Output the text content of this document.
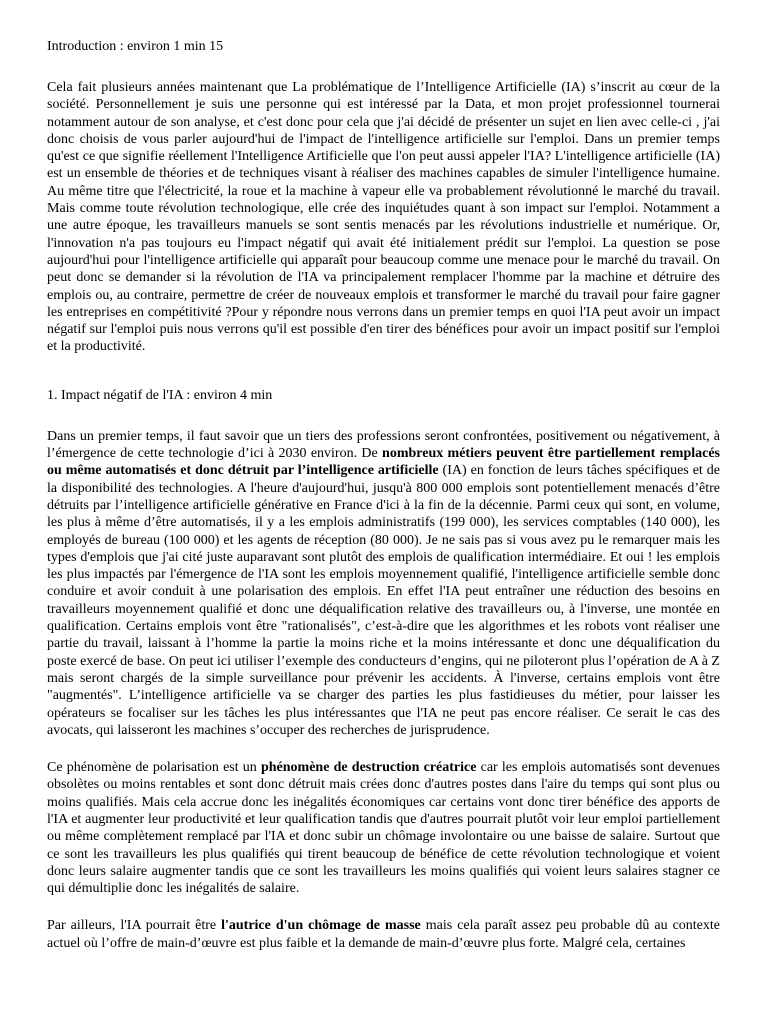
Introduction : environ 1 min 15

Cela fait plusieurs années maintenant que La problématique de l’Intelligence Artificielle (IA) s’inscrit au cœur de la société. Personnellement je suis une personne qui est intéressé par la Data, et mon projet professionnel tournerai notamment autour de son analyse, et c'est donc pour cela que j'ai décidé de présenter un sujet en lien avec celle-ci , j'ai donc choisis de vous parler aujourd'hui de l'impact de l'intelligence artificielle sur l'emploi. Dans un premier temps qu'est ce que signifie réellement l'Intelligence Artificielle que l'on peut aussi appeler l'IA? L'intelligence artificielle (IA) est un ensemble de théories et de techniques visant à réaliser des machines capables de simuler l'intelligence humaine. Au même titre que l'électricité, la roue et la machine à vapeur elle va probablement révolutionné le marché du travail. Mais comme toute révolution technologique, elle crée des inquiétudes quant à son impact sur l'emploi. Notamment a une autre époque, les travailleurs manuels se sont sentis menacés par les révolutions industrielle et numérique. Or, l'innovation n'a pas toujours eu l'impact négatif qui avait été initialement prédit sur l'emploi. La question se pose aujourd'hui pour l'intelligence artificielle qui apparaît pour beaucoup comme une menace pour le marché du travail. On peut donc se demander si la révolution de l'IA va principalement remplacer l'homme par la machine et détruire des emplois ou, au contraire, permettre de créer de nouveaux emplois et transformer le marché du travail pour faire gagner les entreprises en compétitivité ?Pour y répondre nous verrons dans un premier temps en quoi l'IA peut avoir un impact négatif sur l'emploi puis nous verrons qu'il est possible d'en tirer des bénéfices pour avoir un impact positif sur l'emploi et la productivité.

1. Impact négatif de l'IA : environ 4 min

Dans un premier temps, il faut savoir que un tiers des professions seront confrontées, positivement ou négativement, à l’émergence de cette technologie d’ici à 2030 environ. De nombreux métiers peuvent être partiellement remplacés ou même automatisés et donc détruit par l’intelligence artificielle (IA) en fonction de leurs tâches spécifiques et de la disponibilité des technologies. A l'heure d'aujourd'hui, jusqu'à 800 000 emplois sont potentiellement menacés d’être détruits par l’intelligence artificielle générative en France d'ici à la fin de la décennie. Parmi ceux qui sont, en volume, les plus à même d’être automatisés, il y a les emplois administratifs (199 000), les services comptables (140 000), les employés de bureau (100 000) et les agents de réception (80 000). Je ne sais pas si vous avez pu le remarquer mais les types d'emplois que j'ai cité juste auparavant sont plutôt des emplois de qualification intermédiaire. Et oui ! les emplois les plus impactés par l'émergence de l'IA sont les emplois moyennement qualifié, l'intelligence artificielle semble donc conduire et avoir conduit à une polarisation des emplois. En effet l'IA peut entraîner une réduction des besoins en travailleurs moyennement qualifié et donc une déqualification relative des travailleurs ou, à l'inverse, une montée en qualification. Certains emplois vont être "rationalisés", c’est-à-dire que les algorithmes et les robots vont réaliser une partie du travail, laissant à l’homme la partie la moins riche et la moins intéressante et donc une déqualification du poste exercé de base. On peut ici utiliser l’exemple des conducteurs d’engins, qui ne piloteront plus l’opération de A à Z mais seront chargés de la simple surveillance pour prévenir les accidents. À l'inverse, certains emplois vont être "augmentés". L’intelligence artificielle va se charger des parties les plus fastidieuses du métier, pour laisser les opérateurs se focaliser sur les tâches les plus intéressantes que l'IA ne peut pas encore réaliser. Ce serait le cas des avocats, qui laisseront les machines s’occuper des recherches de jurisprudence.

Ce phénomène de polarisation est un phénomène de destruction créatrice car les emplois automatisés sont devenues obsolètes ou moins rentables et sont donc détruit mais crées donc d'autres postes dans l'aire du temps qui sont plus ou moins qualifiés. Mais cela accrue donc les inégalités économiques car certains vont donc tirer bénéfice des apports de l'IA et augmenter leur productivité et leur qualification tandis que d'autres pourrait plutôt voir leur emploi partiellement ou même complètement remplacé par l'IA et donc subir un chômage involontaire ou une baisse de salaire. Surtout que ce sont les travailleurs les plus qualifiés qui tirent beaucoup de bénéfice de cette révolution technologique et voient donc leurs salaire augmenter tandis que ce sont les travailleurs les moins qualifiés qui voient leurs salaires stagner ce qui démultiplie donc les inégalités de salaire.

Par ailleurs, l'IA pourrait être l'autrice d'un chômage de masse mais cela paraît assez peu probable dû au contexte actuel où l’offre de main-d’œuvre est plus faible et la demande de main-d’œuvre plus forte. Malgré cela, certaines
